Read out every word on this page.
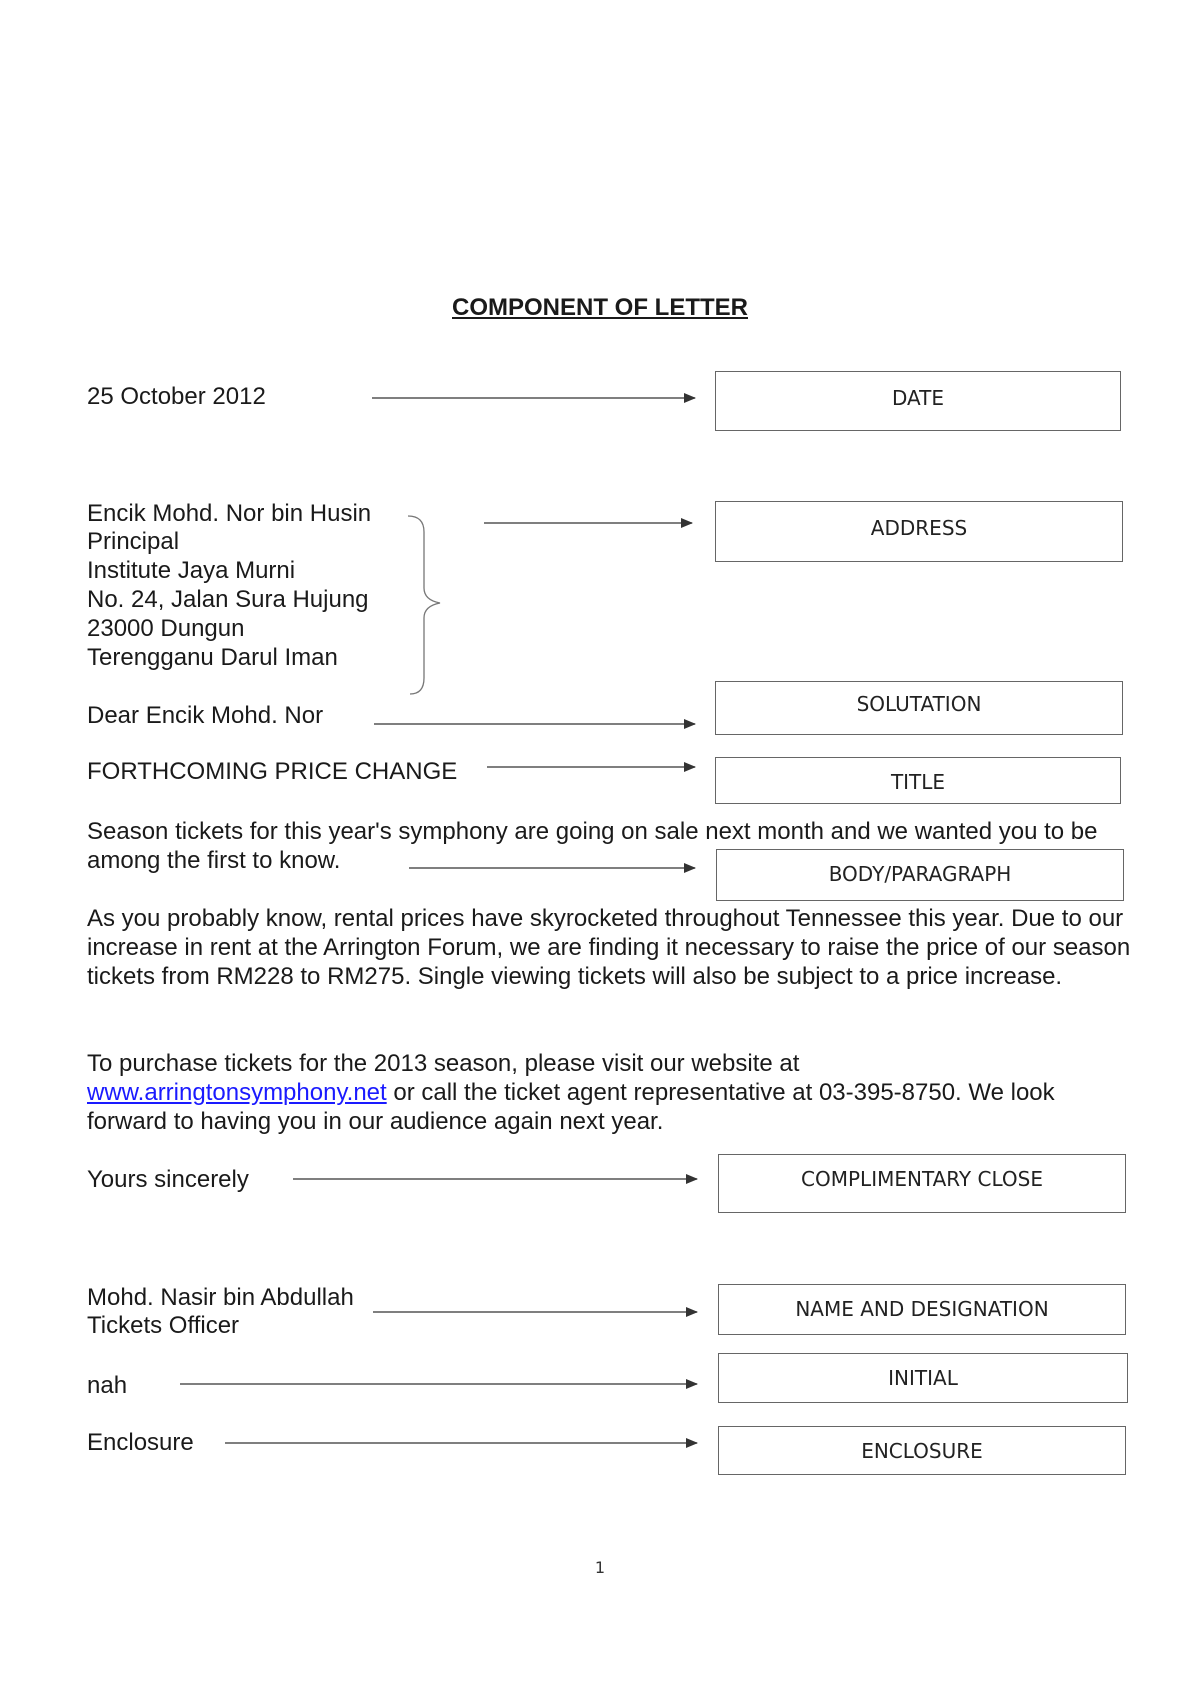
COMPONENT OF LETTER
25 October 2012
Encik Mohd. Nor bin Husin
Principal
Institute Jaya Murni
No. 24, Jalan Sura Hujung
23000 Dungun
Terengganu Darul Iman
Dear Encik Mohd. Nor
FORTHCOMING PRICE CHANGE
Season tickets for this year's symphony are going on sale next month and we wanted you to be among the first to know.
As you probably know, rental prices have skyrocketed throughout Tennessee this year. Due to our increase in rent at the Arrington Forum, we are finding it necessary to raise the price of our season tickets from RM228 to RM275. Single viewing tickets will also be subject to a price increase.
To purchase tickets for the 2013 season, please visit our website at
www.arringtonsymphony.net or call the ticket agent representative at 03-395-8750. We look forward to having you in our audience again next year.
Yours sincerely
Mohd. Nasir bin Abdullah
Tickets Officer
nah
Enclosure
DATE
ADDRESS
SOLUTATION
TITLE
BODY/PARAGRAPH
COMPLIMENTARY CLOSE
NAME AND DESIGNATION
INITIAL
ENCLOSURE
1
